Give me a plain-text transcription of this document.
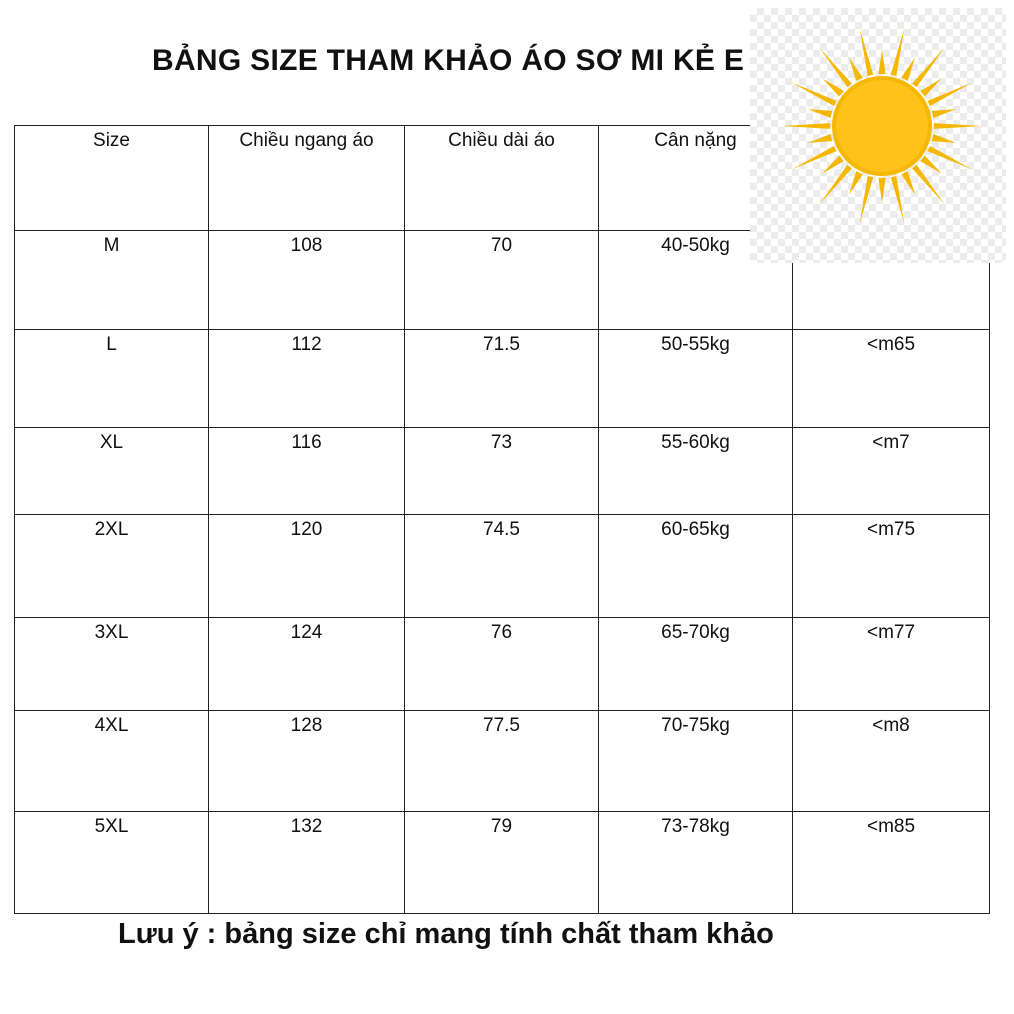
BẢNG SIZE THAM KHẢO ÁO SƠ MI KẺ E
Size	Chiều ngang áo	Chiều dài áo	Cân nặng	
M	108	70	40-50kg	
L	112	71.5	50-55kg	<m65
XL	116	73	55-60kg	<m7
2XL	120	74.5	60-65kg	<m75
3XL	124	76	65-70kg	<m77
4XL	128	77.5	70-75kg	<m8
5XL	132	79	73-78kg	<m85
Lưu ý : bảng size chỉ mang tính chất tham khảo
